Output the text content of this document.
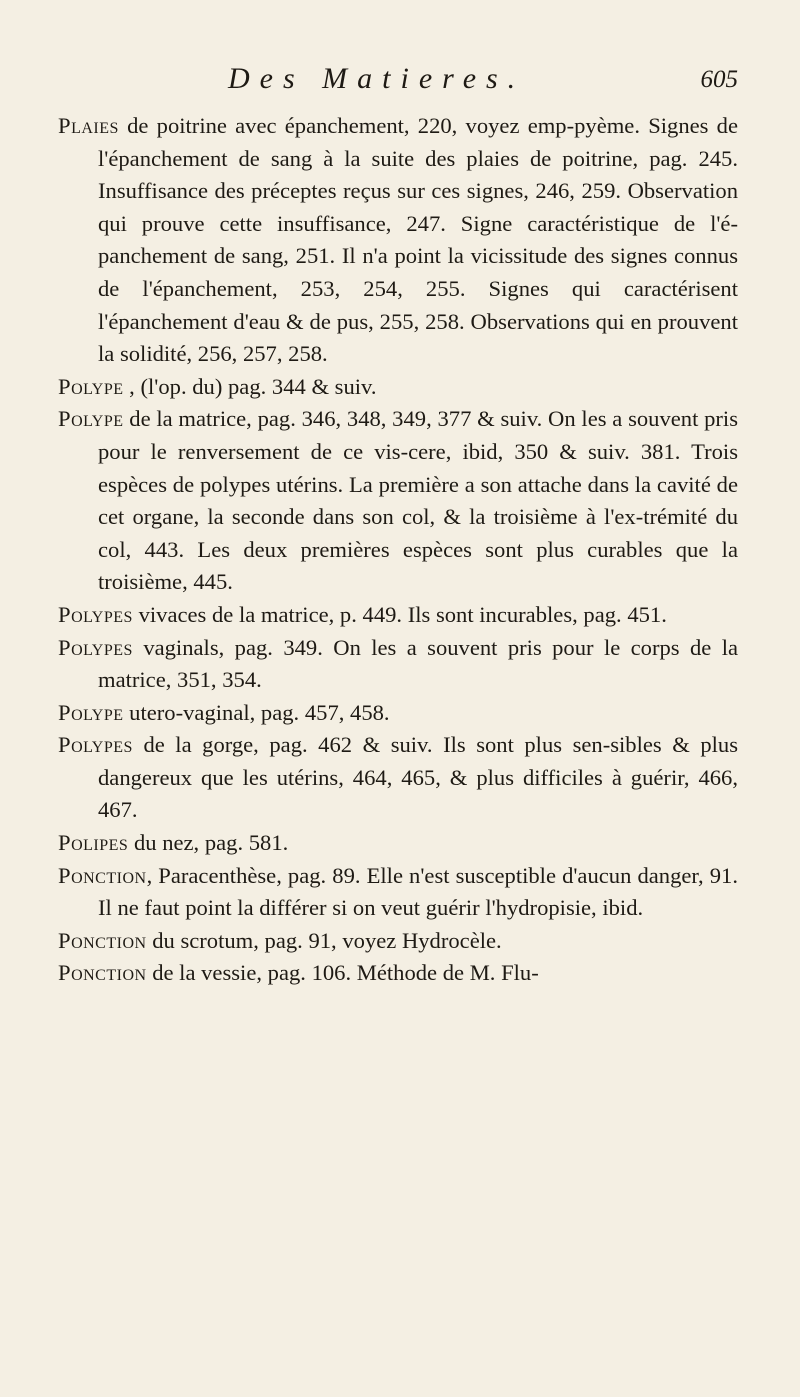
Des Matieres.	605

Plaies de poitrine avec épanchement, 220, voyez emp-pyème. Signes de l'épanchement de sang à la suite des plaies de poitrine, pag. 245. Insuffisance des préceptes reçus sur ces signes, 246, 259. Observation qui prouve cette insuffisance, 247. Signe caractéristique de l'é-panchement de sang, 251. Il n'a point la vicissitude des signes connus de l'épanchement, 253, 254, 255. Signes qui caractérisent l'épanchement d'eau & de pus, 255, 258. Observations qui en prouvent la solidité, 256, 257, 258.

Polype , (l'op. du) pag. 344 & suiv.

Polype de la matrice, pag. 346, 348, 349, 377 & suiv. On les a souvent pris pour le renversement de ce vis-cere, ibid, 350 & suiv. 381. Trois espèces de polypes utérins. La première a son attache dans la cavité de cet organe, la seconde dans son col, & la troisième à l'ex-trémité du col, 443. Les deux premières espèces sont plus curables que la troisième, 445.

Polypes vivaces de la matrice, p. 449. Ils sont incurables, pag. 451.

Polypes vaginals, pag. 349. On les a souvent pris pour le corps de la matrice, 351, 354.

Polype utero-vaginal, pag. 457, 458.

Polypes de la gorge, pag. 462 & suiv. Ils sont plus sen-sibles & plus dangereux que les utérins, 464, 465, & plus difficiles à guérir, 466, 467.

Polipes du nez, pag. 581.

Ponction, Paracenthèse, pag. 89. Elle n'est susceptible d'aucun danger, 91. Il ne faut point la différer si on veut guérir l'hydropisie, ibid.

Ponction du scrotum, pag. 91, voyez Hydrocèle.

Ponction de la vessie, pag. 106. Méthode de M. Flu-
